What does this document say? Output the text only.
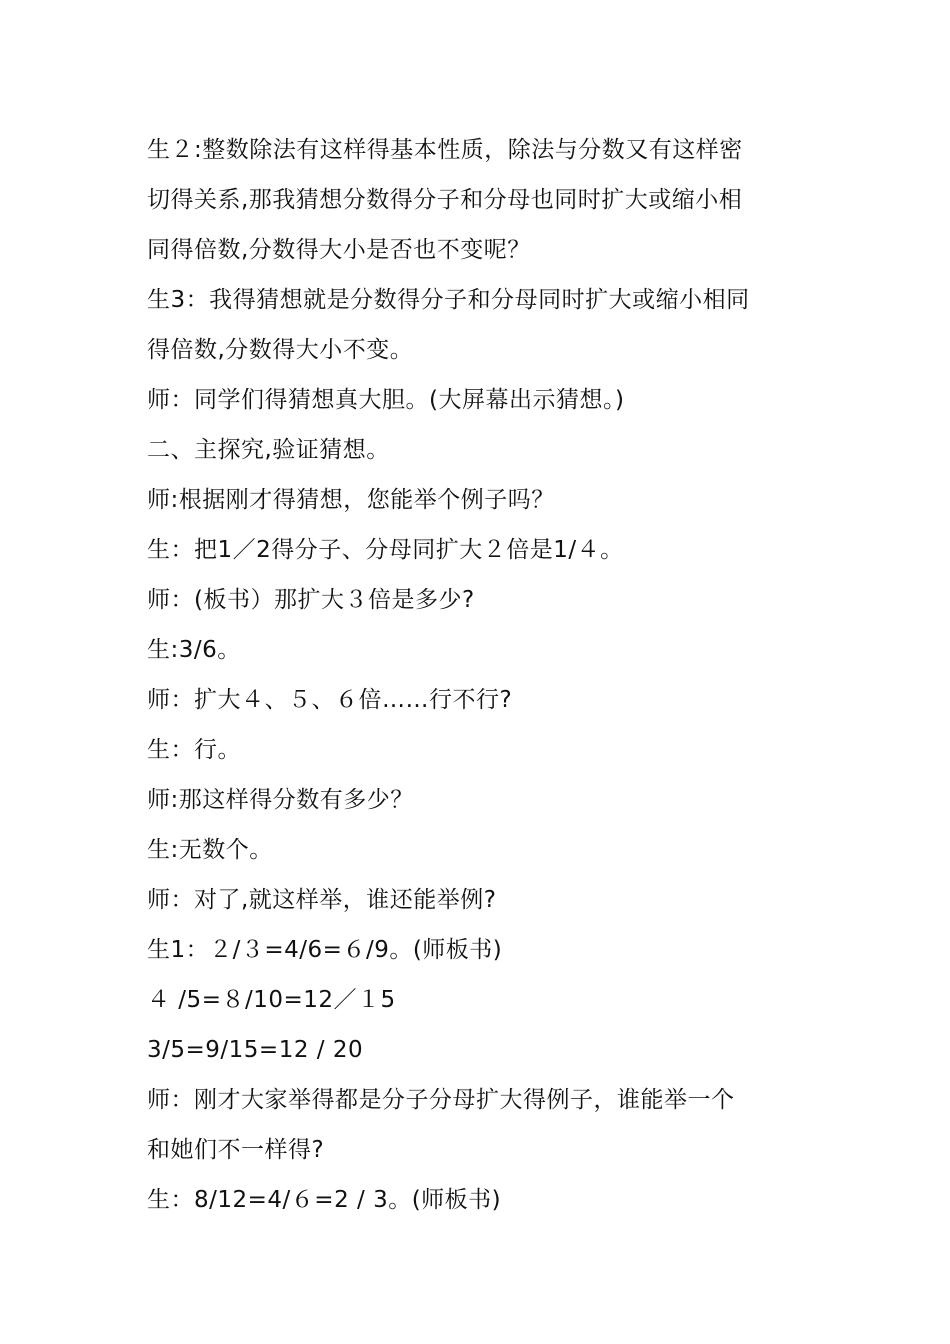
生２:整数除法有这样得基本性质，除法与分数又有这样密
切得关系,那我猜想分数得分子和分母也同时扩大或缩小相
同得倍数,分数得大小是否也不变呢？
生3：我得猜想就是分数得分子和分母同时扩大或缩小相同
得倍数,分数得大小不变。
师：同学们得猜想真大胆。(大屏幕出示猜想。)
二、主探究,验证猜想。
师:根据刚才得猜想，您能举个例子吗？
生：把1／2得分子、分母同扩大２倍是1/４。
师：(板书）那扩大３倍是多少?
生:3/6。
师：扩大４、５、６倍……行不行?
生：行。
师:那这样得分数有多少？
生:无数个。
师：对了,就这样举，谁还能举例?
生1：２/３=4/6=６/9。(师板书)
４ /5=８/10=12／１5
3/5=9/15=12 / 20
师：刚才大家举得都是分子分母扩大得例子，谁能举一个
和她们不一样得?
生：8/12=4/６=2 / 3。(师板书)
